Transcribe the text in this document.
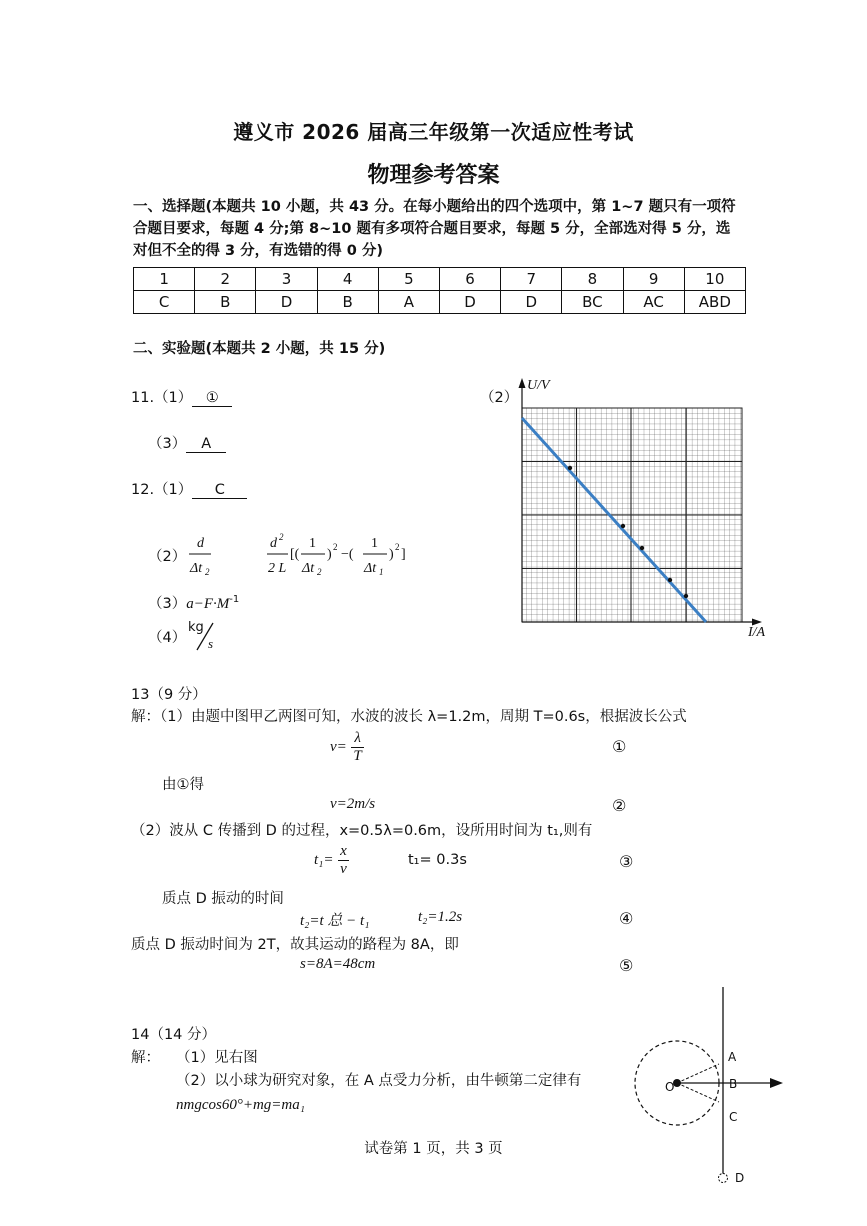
遵义市 2026 届高三年级第一次适应性考试
物理参考答案
一、选择题(本题共 10 小题，共 43 分。在每小题给出的四个选项中，第 1~7 题只有一项符合题目要求，每题 4 分;第 8~10 题有多项符合题目要求，每题 5 分，全部选对得 5 分，选对但不全的得 3 分，有选错的得 0 分)
1	2	3	4	5	6	7	8	9	10
C	B	D	B	A	D	D	BC	AC	ABD
二、实验题(本题共 2 小题，共 15 分)
11.（1） ①
（3） A
12.（1） C
（2）
d
Δt 2
d 2
2 L
[(
1
Δt 2
) 2 −(
1
Δt 1
) 2 ]
$(3)a-F\cdot M^{-1}$
（4）
kg
s
（2）
U/V
I/A
13（9 分）
解：（1）由题中图甲乙两图可知，水波的波长 λ=1.2m，周期 T=0.6s，根据波长公式
$v= \frac{\lambda}{T}$	①
由①得
v=2m/s	②
（2）波从 C 传播到 D 的过程，x=0.5λ=0.6m，设所用时间为 t₁,则有
$t_1= \frac{x}{v}$	t₁= 0.3s	③
质点 D 振动的时间
t₂=t 总 − t₁	t₂=1.2s	④
质点 D 振动时间为 2T，故其运动的路程为 8A，即
s=8A=48cm	⑤
14（14 分）
解： （1）见右图
（2）以小球为研究对象，在 A 点受力分析，由牛顿第二定律有
nmgcos60°+mg=ma₁
A
B
C
O
D
试卷第 1 页，共 3 页
